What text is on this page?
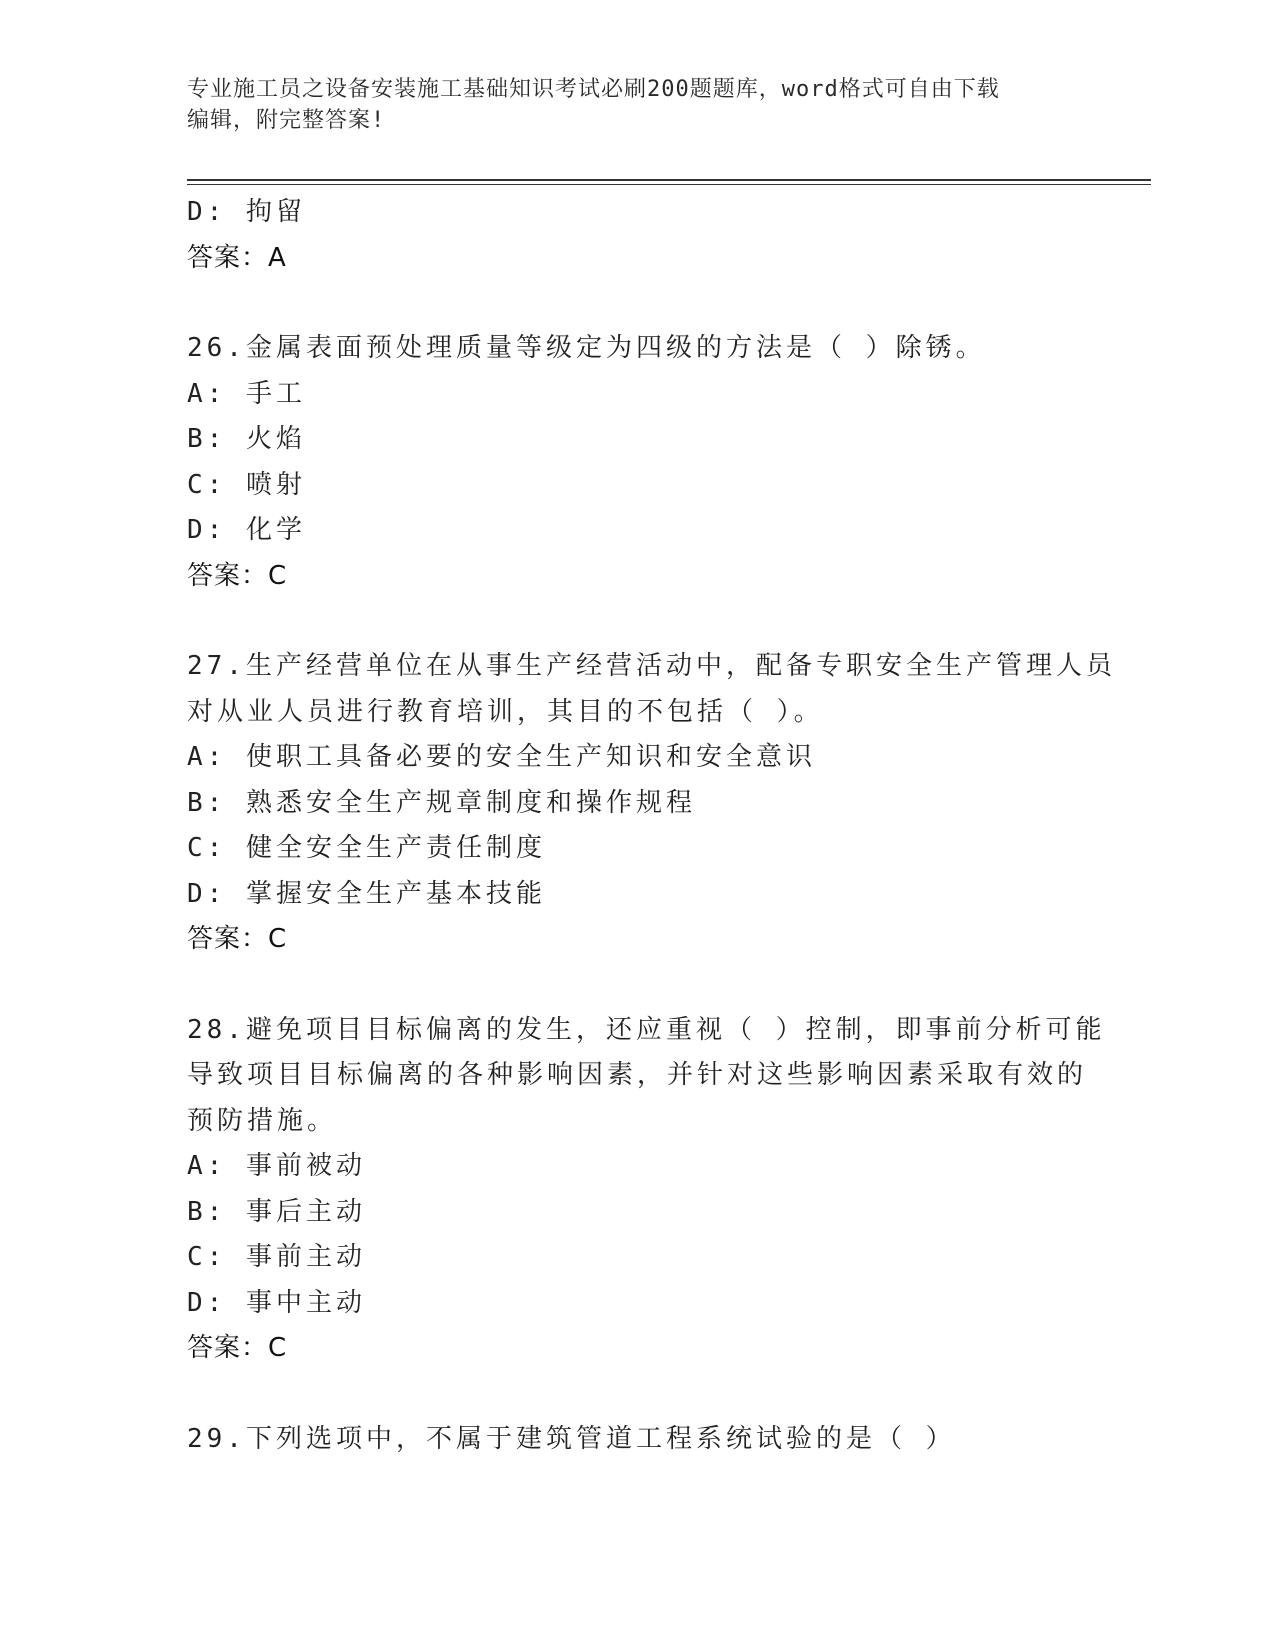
专业施工员之设备安装施工基础知识考试必刷200题题库，word格式可自由下载
编辑，附完整答案!
D: 拘留
答案：A
26.金属表面预处理质量等级定为四级的方法是（ ）除锈。
A: 手工
B: 火焰
C: 喷射
D: 化学
答案：C
27.生产经营单位在从事生产经营活动中，配备专职安全生产管理人员
对从业人员进行教育培训，其目的不包括（ ）。
A: 使职工具备必要的安全生产知识和安全意识
B: 熟悉安全生产规章制度和操作规程
C: 健全安全生产责任制度
D: 掌握安全生产基本技能
答案：C
28.避免项目目标偏离的发生，还应重视（ ）控制，即事前分析可能
导致项目目标偏离的各种影响因素，并针对这些影响因素采取有效的
预防措施。
A: 事前被动
B: 事后主动
C: 事前主动
D: 事中主动
答案：C
29.下列选项中，不属于建筑管道工程系统试验的是（ ）
